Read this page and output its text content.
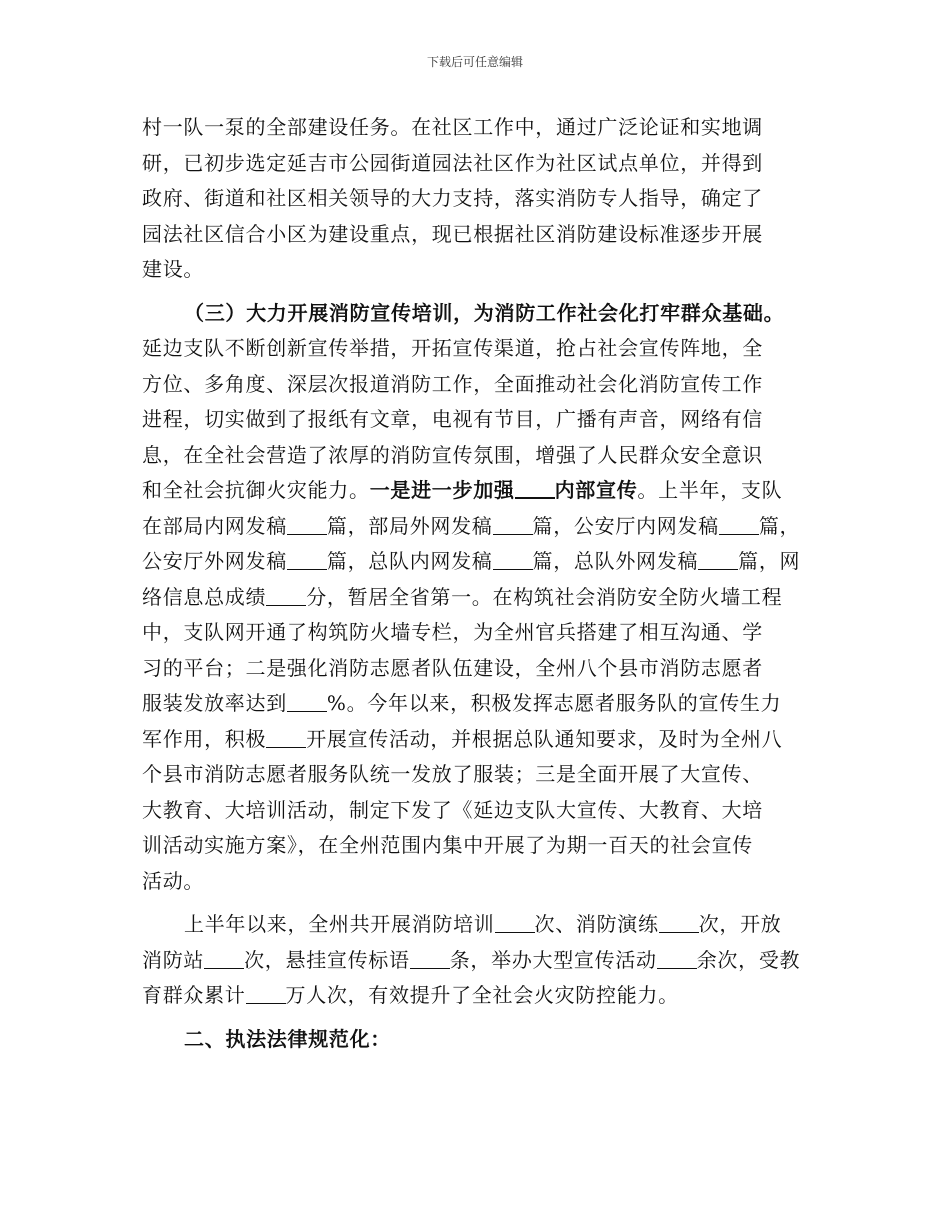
下载后可任意编辑
村一队一泵的全部建设任务。在社区工作中，通过广泛论证和实地调
研，已初步选定延吉市公园街道园法社区作为社区试点单位，并得到
政府、街道和社区相关领导的大力支持，落实消防专人指导，确定了
园法社区信合小区为建设重点，现已根据社区消防建设标准逐步开展
建设。
（三）大力开展消防宣传培训，为消防工作社会化打牢群众基础。
延边支队不断创新宣传举措，开拓宣传渠道，抢占社会宣传阵地，全
方位、多角度、深层次报道消防工作，全面推动社会化消防宣传工作
进程，切实做到了报纸有文章，电视有节目，广播有声音，网络有信
息，在全社会营造了浓厚的消防宣传氛围，增强了人民群众安全意识
和全社会抗御火灾能力。一是进一步加强 内部宣传。上半年，支队
在部局内网发稿 篇，部局外网发稿 篇，公安厅内网发稿 篇，
公安厅外网发稿 篇，总队内网发稿 篇，总队外网发稿 篇，网
络信息总成绩 分，暂居全省第一。在构筑社会消防安全防火墙工程
中，支队网开通了构筑防火墙专栏，为全州官兵搭建了相互沟通、学
习的平台；二是强化消防志愿者队伍建设，全州八个县市消防志愿者
服装发放率达到 %。今年以来，积极发挥志愿者服务队的宣传生力
军作用，积极 开展宣传活动，并根据总队通知要求，及时为全州八
个县市消防志愿者服务队统一发放了服装；三是全面开展了大宣传、
大教育、大培训活动，制定下发了《延边支队大宣传、大教育、大培
训活动实施方案》，在全州范围内集中开展了为期一百天的社会宣传
活动。
上半年以来，全州共开展消防培训 次、消防演练 次，开放
消防站 次，悬挂宣传标语 条，举办大型宣传活动 余次，受教
育群众累计 万人次，有效提升了全社会火灾防控能力。
二、执法法律规范化：
